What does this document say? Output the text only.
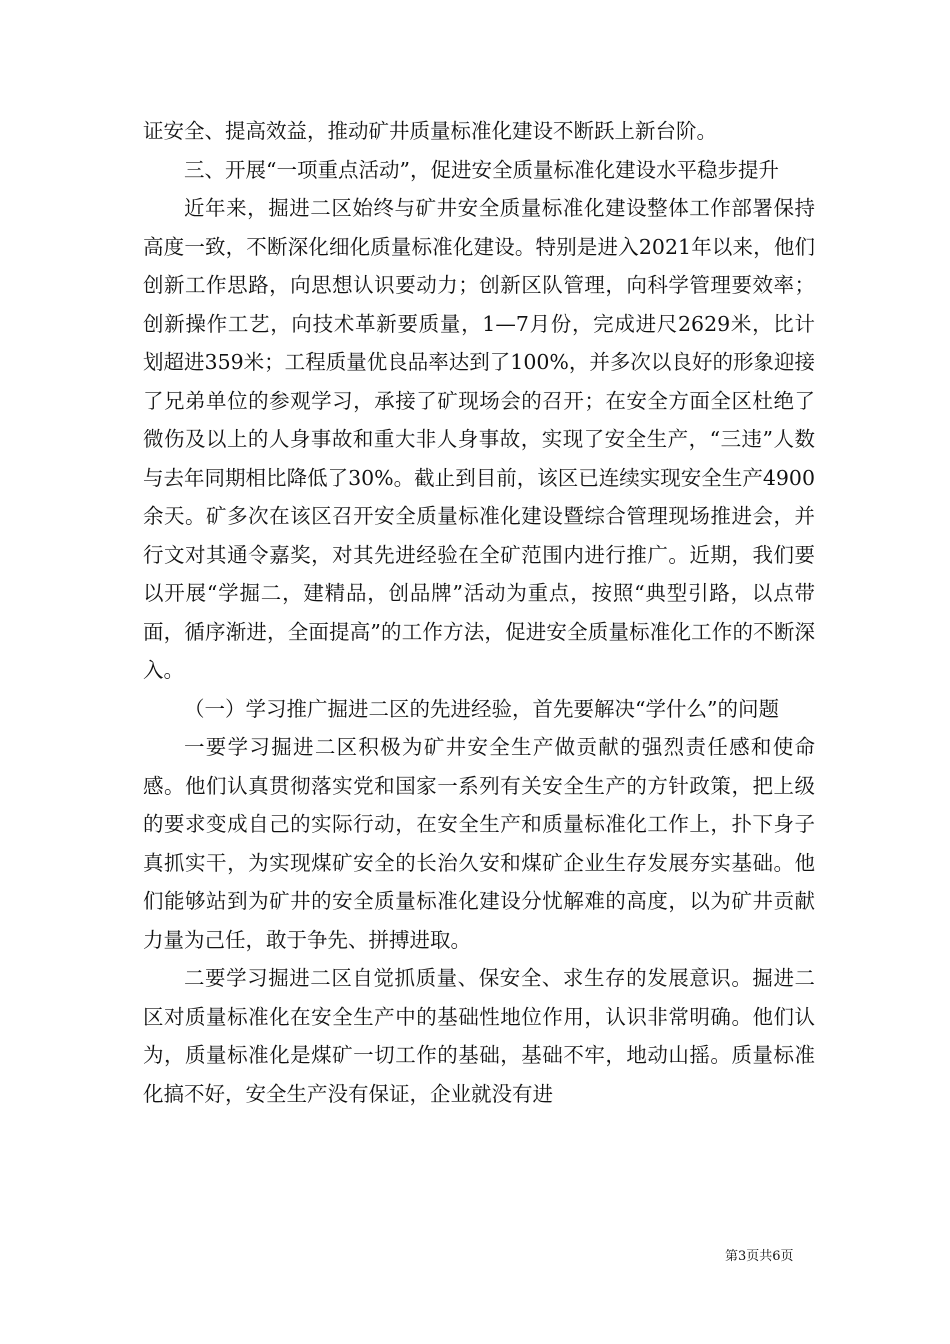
证安全、提高效益，推动矿井质量标准化建设不断跃上新台阶。

三、开展“一项重点活动”，促进安全质量标准化建设水平稳步提升

近年来，掘进二区始终与矿井安全质量标准化建设整体工作部署保持高度一致，不断深化细化质量标准化建设。特别是进入2021年以来，他们创新工作思路，向思想认识要动力；创新区队管理，向科学管理要效率；创新操作工艺，向技术革新要质量，1—7月份，完成进尺2629米，比计划超进359米；工程质量优良品率达到了100%，并多次以良好的形象迎接了兄弟单位的参观学习，承接了矿现场会的召开；在安全方面全区杜绝了微伤及以上的人身事故和重大非人身事故，实现了安全生产，“三违”人数与去年同期相比降低了30%。截止到目前，该区已连续实现安全生产4900余天。矿多次在该区召开安全质量标准化建设暨综合管理现场推进会，并行文对其通令嘉奖，对其先进经验在全矿范围内进行推广。近期，我们要以开展“学掘二，建精品，创品牌”活动为重点，按照“典型引路，以点带面，循序渐进，全面提高”的工作方法，促进安全质量标准化工作的不断深入。

（一）学习推广掘进二区的先进经验，首先要解决“学什么”的问题

一要学习掘进二区积极为矿井安全生产做贡献的强烈责任感和使命感。他们认真贯彻落实党和国家一系列有关安全生产的方针政策，把上级的要求变成自己的实际行动，在安全生产和质量标准化工作上，扑下身子真抓实干，为实现煤矿安全的长治久安和煤矿企业生存发展夯实基础。他们能够站到为矿井的安全质量标准化建设分忧解难的高度，以为矿井贡献力量为己任，敢于争先、拼搏进取。

二要学习掘进二区自觉抓质量、保安全、求生存的发展意识。掘进二区对质量标准化在安全生产中的基础性地位作用，认识非常明确。他们认为，质量标准化是煤矿一切工作的基础，基础不牢，地动山摇。质量标准化搞不好，安全生产没有保证，企业就没有进

第3页共6页
